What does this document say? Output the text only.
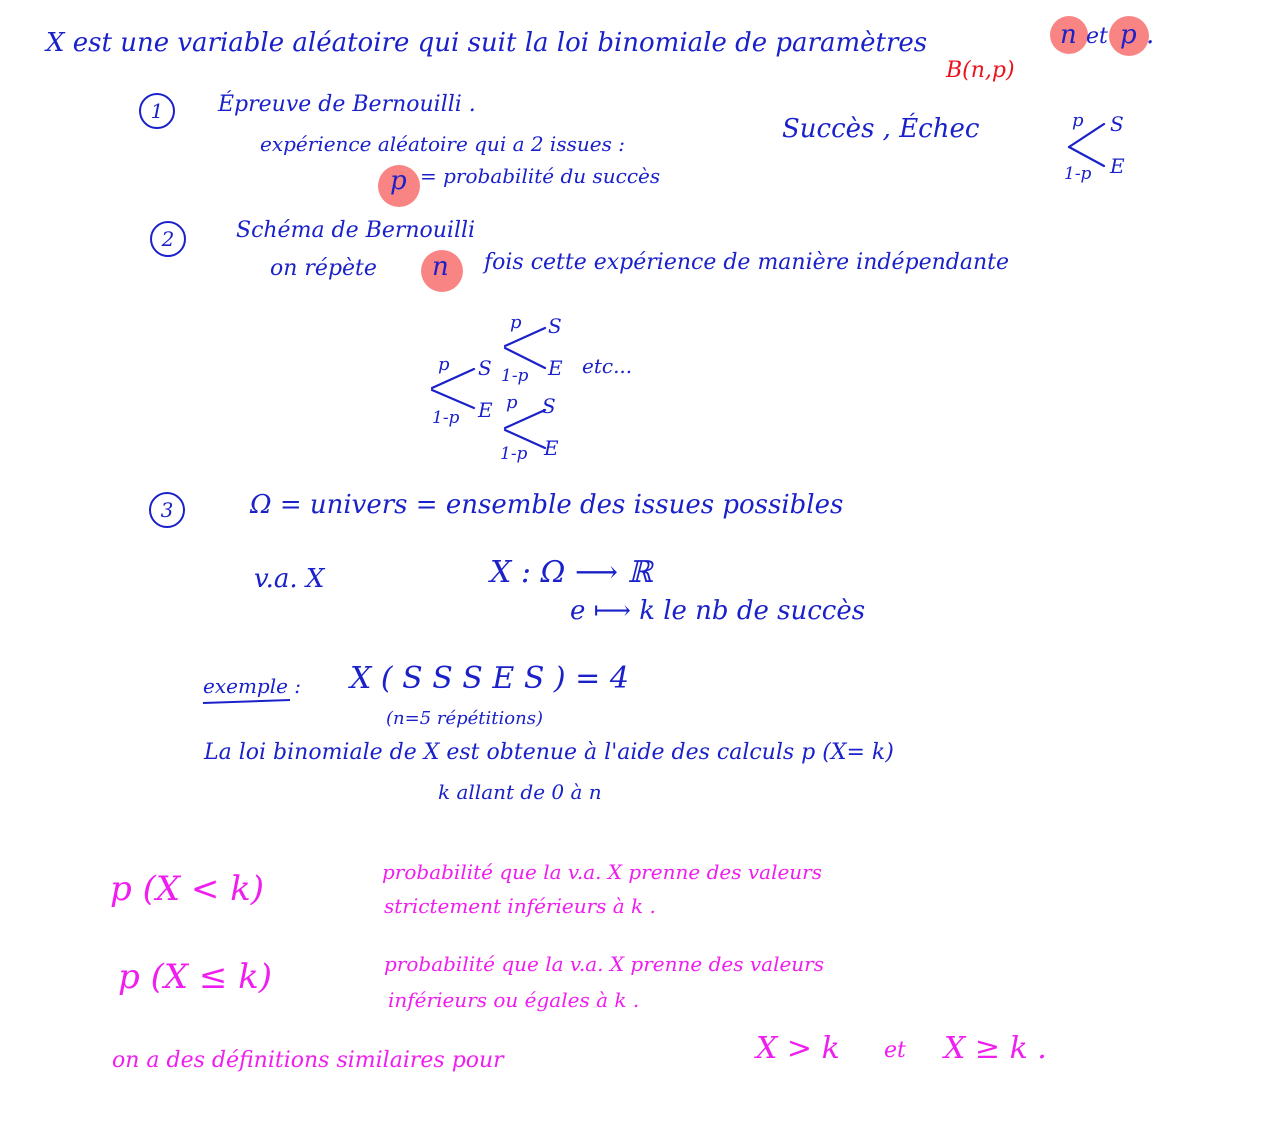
X est une variable aléatoire qui suit la loi binomiale de paramètres	n et p .
B(n,p)
1	Épreuve de Bernouilli .
expérience aléatoire qui a 2 issues :	Succès , Échec
p = probabilité du succès
p S
1-p E
2	Schéma de Bernouilli
on répète n fois cette expérience de manière indépendante
p S
p S 1-p E etc...
1-p E p S
1-p E
3	Ω = univers = ensemble des issues possibles
v.a. X	X : Ω ⟶ ℝ
e ⟼ k le nb de succès
exemple : X ( S S S E S ) = 4
(n=5 répétitions)
La loi binomiale de X est obtenue à l'aide des calculs p (X= k)
k allant de 0 à n
p (X < k)	probabilité que la v.a. X prenne des valeurs
strictement inférieurs à k .
p (X ≤ k)	probabilité que la v.a. X prenne des valeurs
inférieurs ou égales à k .
on a des définitions similaires pour	X > k et X ≥ k .
